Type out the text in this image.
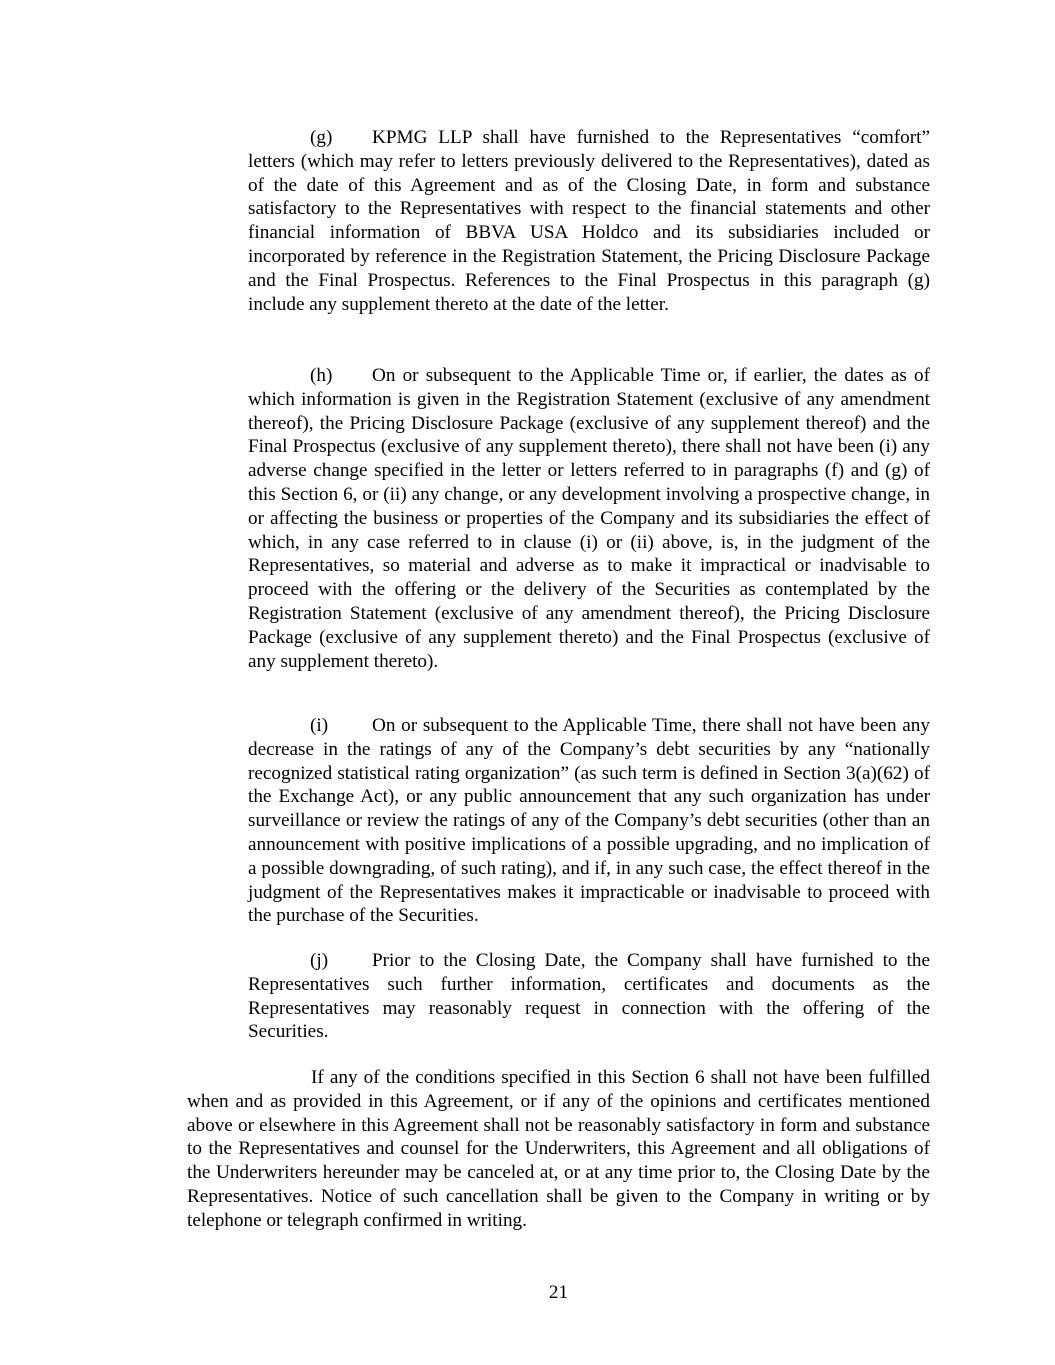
(g) KPMG LLP shall have furnished to the Representatives “comfort” letters (which may refer to letters previously delivered to the Representatives), dated as of the date of this Agreement and as of the Closing Date, in form and substance satisfactory to the Representatives with respect to the financial statements and other financial information of BBVA USA Holdco and its subsidiaries included or incorporated by reference in the Registration Statement, the Pricing Disclosure Package and the Final Prospectus. References to the Final Prospectus in this paragraph (g) include any supplement thereto at the date of the letter.

(h) On or subsequent to the Applicable Time or, if earlier, the dates as of which information is given in the Registration Statement (exclusive of any amendment thereof), the Pricing Disclosure Package (exclusive of any supplement thereof) and the Final Prospectus (exclusive of any supplement thereto), there shall not have been (i) any adverse change specified in the letter or letters referred to in paragraphs (f) and (g) of this Section 6, or (ii) any change, or any development involving a prospective change, in or affecting the business or properties of the Company and its subsidiaries the effect of which, in any case referred to in clause (i) or (ii) above, is, in the judgment of the Representatives, so material and adverse as to make it impractical or inadvisable to proceed with the offering or the delivery of the Securities as contemplated by the Registration Statement (exclusive of any amendment thereof), the Pricing Disclosure Package (exclusive of any supplement thereto) and the Final Prospectus (exclusive of any supplement thereto).

(i) On or subsequent to the Applicable Time, there shall not have been any decrease in the ratings of any of the Company’s debt securities by any “nationally recognized statistical rating organization” (as such term is defined in Section 3(a)(62) of the Exchange Act), or any public announcement that any such organization has under surveillance or review the ratings of any of the Company’s debt securities (other than an announcement with positive implications of a possible upgrading, and no implication of a possible downgrading, of such rating), and if, in any such case, the effect thereof in the judgment of the Representatives makes it impracticable or inadvisable to proceed with the purchase of the Securities.

(j) Prior to the Closing Date, the Company shall have furnished to the Representatives such further information, certificates and documents as the Representatives may reasonably request in connection with the offering of the Securities.

If any of the conditions specified in this Section 6 shall not have been fulfilled when and as provided in this Agreement, or if any of the opinions and certificates mentioned above or elsewhere in this Agreement shall not be reasonably satisfactory in form and substance to the Representatives and counsel for the Underwriters, this Agreement and all obligations of the Underwriters hereunder may be canceled at, or at any time prior to, the Closing Date by the Representatives. Notice of such cancellation shall be given to the Company in writing or by telephone or telegraph confirmed in writing.

21
